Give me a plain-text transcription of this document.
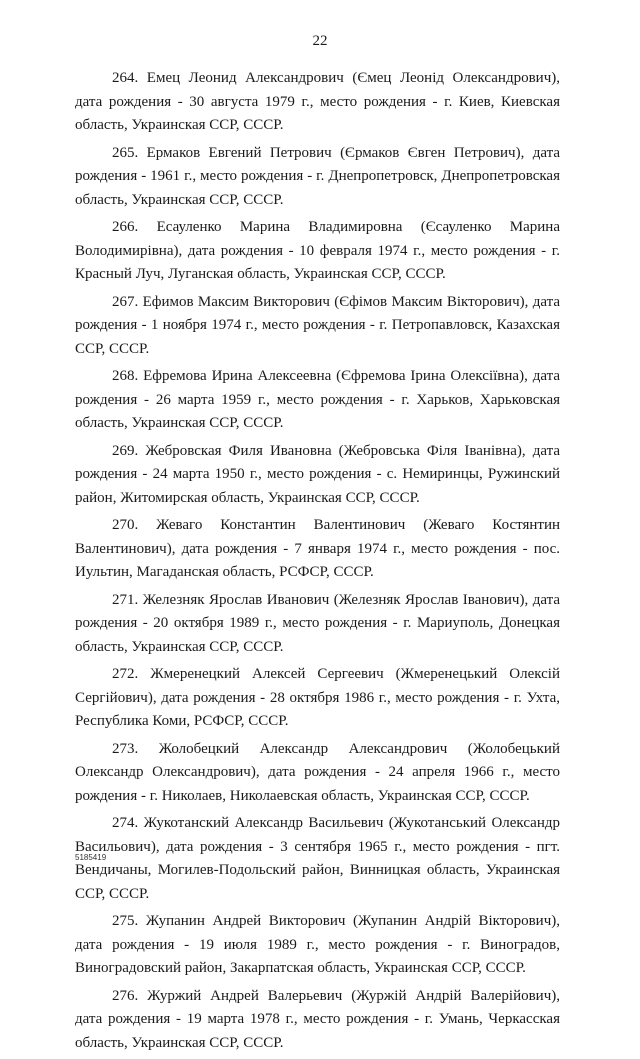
22

264. Емец Леонид Александрович (Ємец Леонід Олександрович), дата рождения - 30 августа 1979 г., место рождения - г. Киев, Киевская область, Украинская ССР, СССР.

265. Ермаков Евгений Петрович (Єрмаков Євген Петрович), дата рождения - 1961 г., место рождения - г. Днепропетровск, Днепропетровская область, Украинская ССР, СССР.

266. Есауленко Марина Владимировна (Єсауленко Марина Володимирівна), дата рождения - 10 февраля 1974 г., место рождения - г. Красный Луч, Луганская область, Украинская ССР, СССР.

267. Ефимов Максим Викторович (Єфімов Максим Вікторович), дата рождения - 1 ноября 1974 г., место рождения - г. Петропавловск, Казахская ССР, СССР.

268. Ефремова Ирина Алексеевна (Єфремова Ірина Олексіївна), дата рождения - 26 марта 1959 г., место рождения - г. Харьков, Харьковская область, Украинская ССР, СССР.

269. Жебровская Филя Ивановна (Жебровська Філя Іванівна), дата рождения - 24 марта 1950 г., место рождения - с. Немиринцы, Ружинский район, Житомирская область, Украинская ССР, СССР.

270. Жеваго Константин Валентинович (Жеваго Костянтин Валентинович), дата рождения - 7 января 1974 г., место рождения - пос. Иультин, Магаданская область, РСФСР, СССР.

271. Железняк Ярослав Иванович (Железняк Ярослав Іванович), дата рождения - 20 октября 1989 г., место рождения - г. Мариуполь, Донецкая область, Украинская ССР, СССР.

272. Жмеренецкий Алексей Сергеевич (Жмеренецький Олексій Сергійович), дата рождения - 28 октября 1986 г., место рождения - г. Ухта, Республика Коми, РСФСР, СССР.

273. Жолобецкий Александр Александрович (Жолобецький Олександр Олександрович), дата рождения - 24 апреля 1966 г., место рождения - г. Николаев, Николаевская область, Украинская ССР, СССР.

274. Жукотанский Александр Васильевич (Жукотанський Олександр Васильович), дата рождения - 3 сентября 1965 г., место рождения - пгт. Вендичаны, Могилев-Подольский район, Винницкая область, Украинская ССР, СССР.

275. Жупанин Андрей Викторович (Жупанин Андрій Вікторович), дата рождения - 19 июля 1989 г., место рождения - г. Виноградов, Виноградовский район, Закарпатская область, Украинская ССР, СССР.

276. Журжий Андрей Валерьевич (Журжій Андрій Валерійович), дата рождения - 19 марта 1978 г., место рождения - г. Умань, Черкасская область, Украинская ССР, СССР.

5185419
